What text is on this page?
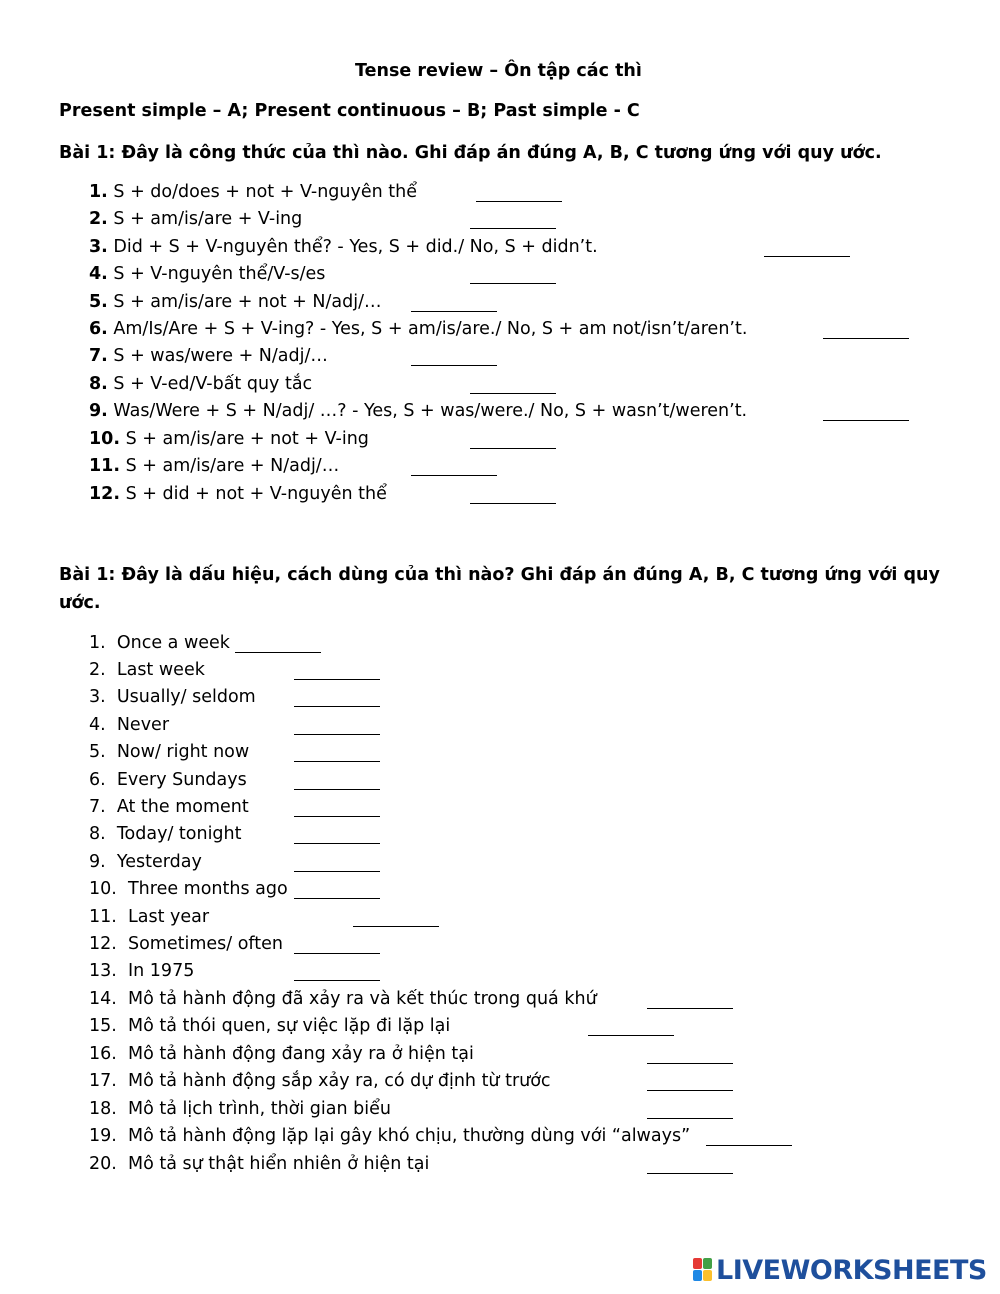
Tense review – Ôn tập các thì
Present simple – A; Present continuous – B; Past simple - C
Bài 1: Đây là công thức của thì nào. Ghi đáp án đúng A, B, C tương ứng với quy ước.
1. S + do/does + not + V-nguyên thể
2. S + am/is/are + V-ing
3. Did + S + V-nguyên thể? - Yes, S + did./ No, S + didn’t.
4. S + V-nguyên thể/V-s/es
5. S + am/is/are + not + N/adj/…
6. Am/Is/Are + S + V-ing? - Yes, S + am/is/are./ No, S + am not/isn’t/aren’t.
7. S + was/were + N/adj/…
8. S + V-ed/V-bất quy tắc
9. Was/Were + S + N/adj/ …? - Yes, S + was/were./ No, S + wasn’t/weren’t.
10. S + am/is/are + not + V-ing
11. S + am/is/are + N/adj/…
12. S + did + not + V-nguyên thể
Bài 1: Đây là dấu hiệu, cách dùng của thì nào? Ghi đáp án đúng A, B, C tương ứng với quy
ước.
1. Once a week
2. Last week
3. Usually/ seldom
4. Never
5. Now/ right now
6. Every Sundays
7. At the moment
8. Today/ tonight
9. Yesterday
10. Three months ago
11. Last year
12. Sometimes/ often
13. In 1975
14. Mô tả hành động đã xảy ra và kết thúc trong quá khứ
15. Mô tả thói quen, sự việc lặp đi lặp lại
16. Mô tả hành động đang xảy ra ở hiện tại
17. Mô tả hành động sắp xảy ra, có dự định từ trước
18. Mô tả lịch trình, thời gian biểu
19. Mô tả hành động lặp lại gây khó chịu, thường dùng với “always”
20. Mô tả sự thật hiển nhiên ở hiện tại
LIVEWORKSHEETS
